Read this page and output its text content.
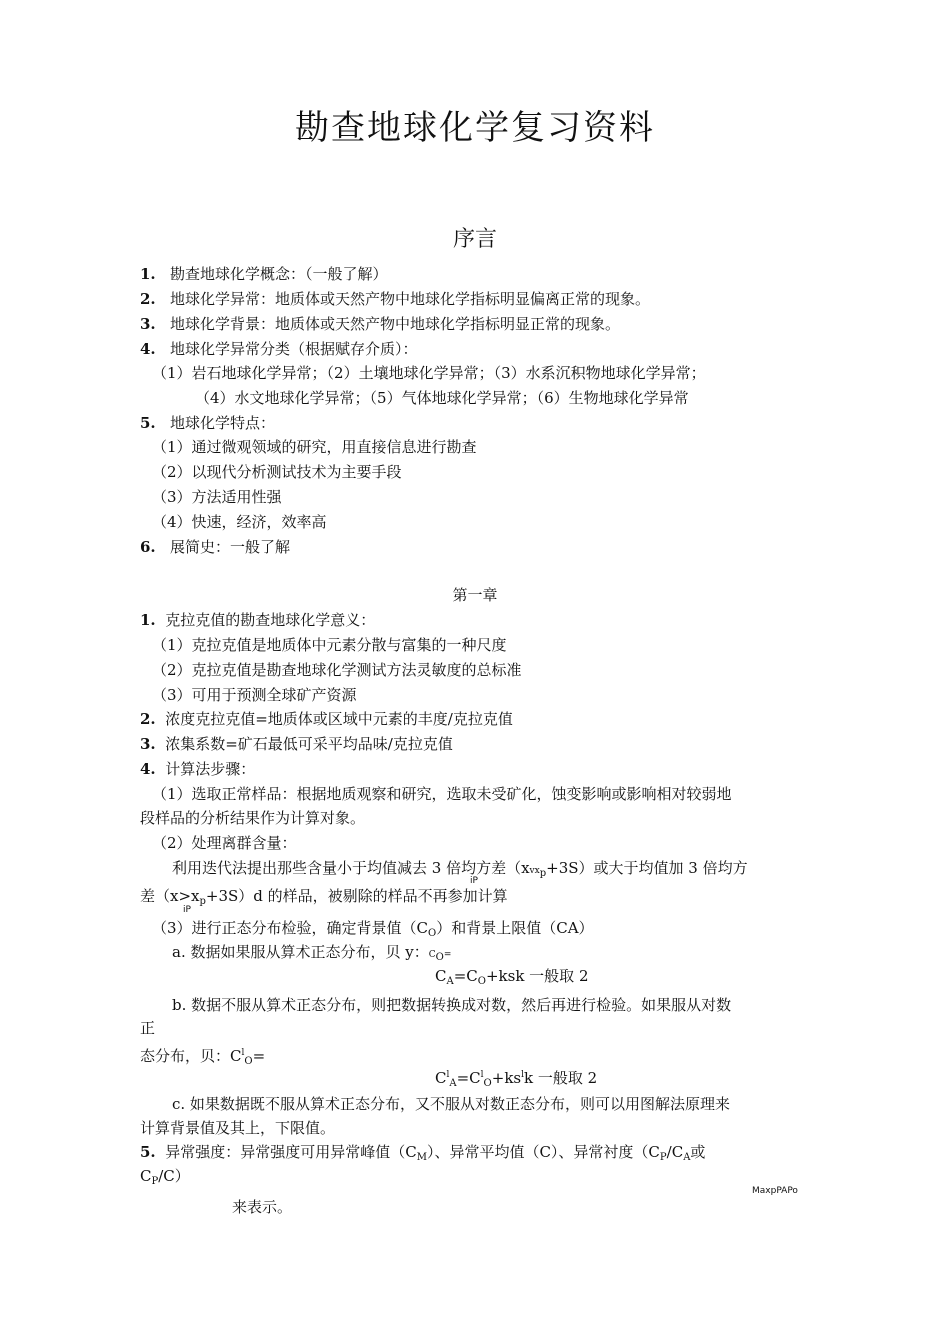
勘查地球化学复习资料
序言
1. 勘查地球化学概念：（一般了解）
2. 地球化学异常：地质体或天然产物中地球化学指标明显偏离正常的现象。
3. 地球化学背景：地质体或天然产物中地球化学指标明显正常的现象。
4. 地球化学异常分类（根据赋存介质）：
（1）岩石地球化学异常；（2）土壤地球化学异常；（3）水系沉积物地球化学异常；
（4）水文地球化学异常；（5）气体地球化学异常；（6）生物地球化学异常
5. 地球化学特点：
（1）通过微观领域的研究，用直接信息进行勘查
（2）以现代分析测试技术为主要手段
（3）方法适用性强
（4）快速，经济，效率高
6. 展简史：一般了解
第一章
1. 克拉克值的勘查地球化学意义：
（1）克拉克值是地质体中元素分散与富集的一种尺度
（2）克拉克值是勘查地球化学测试方法灵敏度的总标准
（3）可用于预测全球矿产资源
2. 浓度克拉克值=地质体或区域中元素的丰度/克拉克值
3. 浓集系数=矿石最低可采平均品味/克拉克值
4. 计算法步骤：
（1）选取正常样品：根据地质观察和研究，选取未受矿化，蚀变影响或影响相对较弱地
段样品的分析结果作为计算对象。
（2）处理离群含量：
利用迭代法提出那些含量小于均值减去 3 倍均方差（xvx$_p$+3S）或大于均值加 3 倍均方
iP
差$(x>x_p+3S)d$ 的样品，被剔除的样品不再参加计算
iP
（3）进行正态分布检验，确定背景值$(C_O)$和背景上限值（CA）
a. 数据如果服从算术正态分布，贝 y：$C_O=$
$C_A=C_O+ksk$ 一般取 2
b. 数据不服从算术正态分布，则把数据转换成对数，然后再进行检验。如果服从对数
正
态分布，贝：$C^l_O=$
$C^l_A=C^l_O+ks^lk$ 一般取 2
c. 如果数据既不服从算术正态分布，又不服从对数正态分布，则可以用图解法原理来
计算背景值及其上，下限值。
5. 异常强度：异常强度可用异常峰值$(C_M)$、异常平均值（C）、异常衬度（$C_P/C_A$或
$C_P/C$）
MaxpPAPo
来表示。
